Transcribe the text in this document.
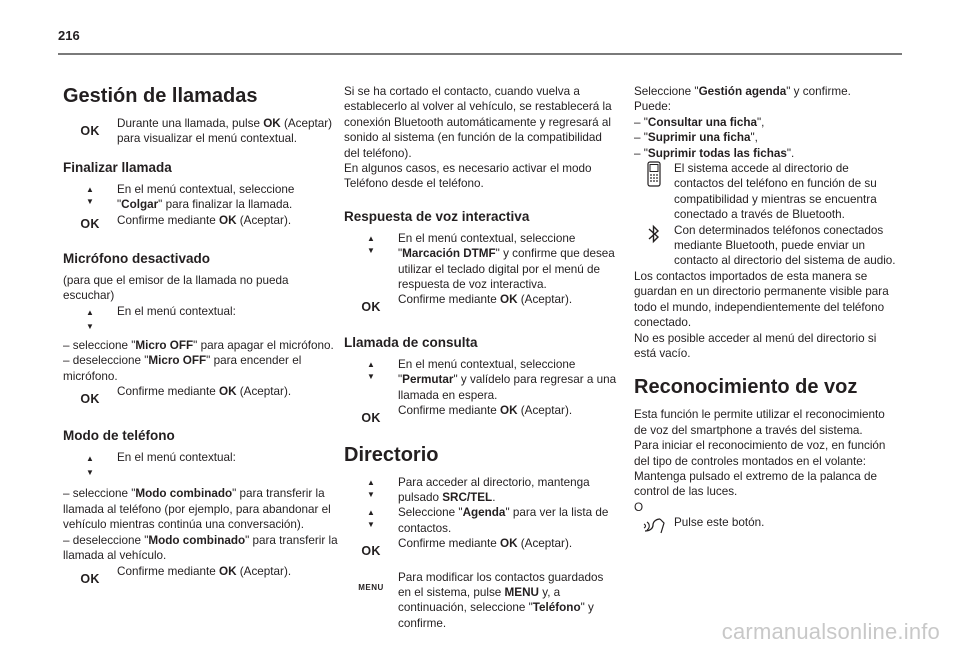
216
Gestión de llamadas
OK

Durante una llamada, pulse OK (Aceptar) para visualizar el menú contextual.

Finalizar llamada
▲
▼

En el menú contextual, seleccione "Colgar" para finalizar la llamada.

OK Confirme mediante OK (Aceptar).

Micrófono desactivado

(para que el emisor de la llamada no pueda escuchar)

▲
▼

En el menú contextual:

– seleccione "Micro OFF" para apagar el micrófono.

– deseleccione "Micro OFF" para encender el micrófono.

OK

Confirme mediante OK (Aceptar).

Modo de teléfono
▲
▼

En el menú contextual:

– seleccione "Modo combinado" para transferir la llamada al teléfono (por ejemplo, para abandonar el vehículo mientras continúa una conversación).

– deseleccione "Modo combinado" para transferir la llamada al vehículo.

OK

Confirme mediante OK (Aceptar).

Si se ha cortado el contacto, cuando vuelva a establecerlo al volver al vehículo, se restablecerá la conexión Bluetooth automáticamente y regresará al sonido al sistema (en función de la compatibilidad del teléfono).

En algunos casos, es necesario activar el modo Teléfono desde el teléfono.

Respuesta de voz interactiva
▲
▼

En el menú contextual, seleccione "Marcación DTMF" y confirme que desea utilizar el teclado digital por el menú de respuesta de voz interactiva.

OK

Confirme mediante OK (Aceptar).

Llamada de consulta
▲
▼

En el menú contextual, seleccione "Permutar" y valídelo para regresar a una llamada en espera.

OK

Confirme mediante OK (Aceptar).

Directorio
▲
▼

Para acceder al directorio, mantenga pulsado SRC/TEL.

▲
▼

Seleccione "Agenda" para ver la lista de contactos.

OK

Confirme mediante OK (Aceptar).

MENU

Para modificar los contactos guardados en el sistema, pulse MENU y, a continuación, seleccione "Teléfono" y confirme.

Seleccione "Gestión agenda" y confirme.

Puede:

– "Consultar una ficha",

– "Suprimir una ficha",

– "Suprimir todas las fichas".

El sistema accede al directorio de contactos del teléfono en función de su compatibilidad y mientras se encuentra conectado a través de Bluetooth.

Con determinados teléfonos conectados mediante Bluetooth, puede enviar un contacto al directorio del sistema de audio.

Los contactos importados de esta manera se guardan en un directorio permanente visible para todo el mundo, independientemente del teléfono conectado.

No es posible acceder al menú del directorio si está vacío.

Reconocimiento de voz

Esta función le permite utilizar el reconocimiento de voz del smartphone a través del sistema.

Para iniciar el reconocimiento de voz, en función del tipo de controles montados en el volante:

Mantenga pulsado el extremo de la palanca de control de las luces.

O

Pulse este botón.

carmanualsonline.info
